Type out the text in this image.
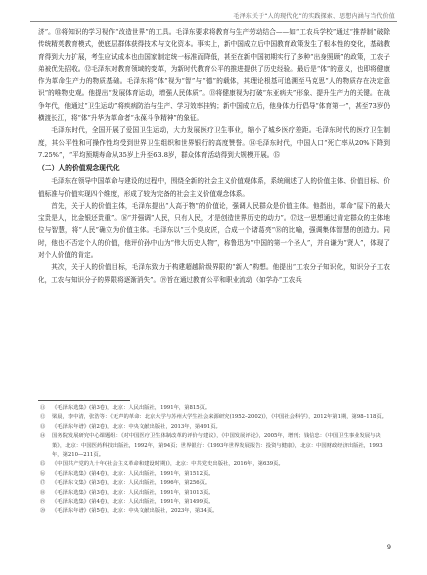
毛泽东关于“人的现代化”的实践探索、思想内涵与当代价值

济”。⑪将知识的学习视作“改造世界”的工具。毛泽东要求将教育与生产劳动结合——如“工农兵学校”通过“推荐制”破除传统精英教育模式，使底层群体获得技术与文化资本。事实上，新中国成立后中国教育政策发生了根本性的变化，基础教育得到大力扩展，考生应试成本也由国家制定统一标准而降低，甚至在新中国初期实行了多种“出身照顾”的政策，工农子弟被优先招收。⑫毛泽东对教育领域的变革，为新时代教育公平的推进提供了历史经验。最后是“体”的意义，也即将健康作为革命生产力的物质基础。毛泽东将“体”视为“智”与“德”的载体，其理论根基可追溯至马克思“人的物质存在决定意识”的唯物史观。他提出“发展体育运动，增强人民体质”。⑬将健康视为打破“东亚病夫”形象、提升生产力的关键。在战争年代，他通过“卫生运动”将疾病防治与生产、学习效率挂钩；新中国成立后，他身体力行倡导“体育第一”，甚至73岁仍横渡长江，将“体”升华为革命者“永葆斗争精神”的象征。

毛泽东时代，全国开展了爱国卫生运动，大力发展医疗卫生事业，缩小了城乡医疗差距。毛泽东时代的医疗卫生制度，其公平性和可操作性均受到世界卫生组织和世界银行的高度赞誉。⑭毛泽东时代，中国人口“死亡率从20%下降到7.25%”，“平均预期寿命从35岁上升至63.8岁，群众体育活动得到大规模开展。⑮

（二）人的价值观念现代化

毛泽东在领导中国革命与建设的过程中，围绕全新的社会主义价值观体系，系统阐述了人的价值主体、价值目标、价值标准与价值实现四个维度，形成了较为完备的社会主义价值观念体系。

首先，关于人的价值主体，毛泽东提出“人高于物”的价值论，强调人民群众是价值主体。他指出，革命“屋下的最大宝贵是人，比金银还贵重”。⑯“并强调“人民，只有人民，才是创造世界历史的动力”。⑰这一思想通过肯定群众的主体地位与智慧，将“人民”确立为价值主体。毛泽东以“三个臭皮匠，合成一个诸葛亮”⑱的比喻，强调集体智慧的创造力。同时，他也不否定个人的价值，他评价孙中山为“伟大历史人物”，称鲁迅为“中国的第一个圣人”，并自谦为“贤人”，体现了对个人价值的肯定。

其次，关于人的价值目标，毛泽东致力于构建超越阶级界限的“新人”构想。他提出“工农分子知识化，知识分子工农化，工农与知识分子的界限将逐渐消失”。⑲旨在通过教育公平和职业流动（如学办“工农兵

⑪	《毛泽东选集》(第3卷)，北京：人民出版社，1991年，第815页。
⑫	梁晨，李中清，张浩等：《无声的革命：北京大学与苏州大学生社会来源研究(1952–2002)》，《中国社会科学》，2012年第1期，第98–118页。
⑬	《毛泽东年谱》(第2卷)，北京：中央文献出版社，2013年，第491页。
⑭	国务院发展研究中心课题组：《对中国医疗卫生体制改革的评价与建议》，《中国发展评论》，2005年，增刊；钱信忠：《中国卫生事业发展与决策》，北京：中国医药科技出版社，1992年，第94页；世界银行：《1993年世界发展报告：投资与健康》，北京：中国财政经济出版社，1993年，第210—211页。
⑮	《中国共产党的九十年(社会主义革命和建设时期)》，北京：中共党史出版社，2016年，第639页。
⑯	《毛泽东选集》(第4卷)，北京：人民出版社，1991年，第1512页。
⑰	《毛泽东文集》(第3卷)，北京：人民出版社，1996年，第256页。
⑱	《毛泽东选集》(第3卷)，北京：人民出版社，1991年，第1013页。
⑲	《毛泽东选集》(第4卷)，北京：人民出版社，1991年，第1499页。
⑳	《毛泽东年谱》(第5卷)，北京：中央文献出版社，2023年，第34页。
9
